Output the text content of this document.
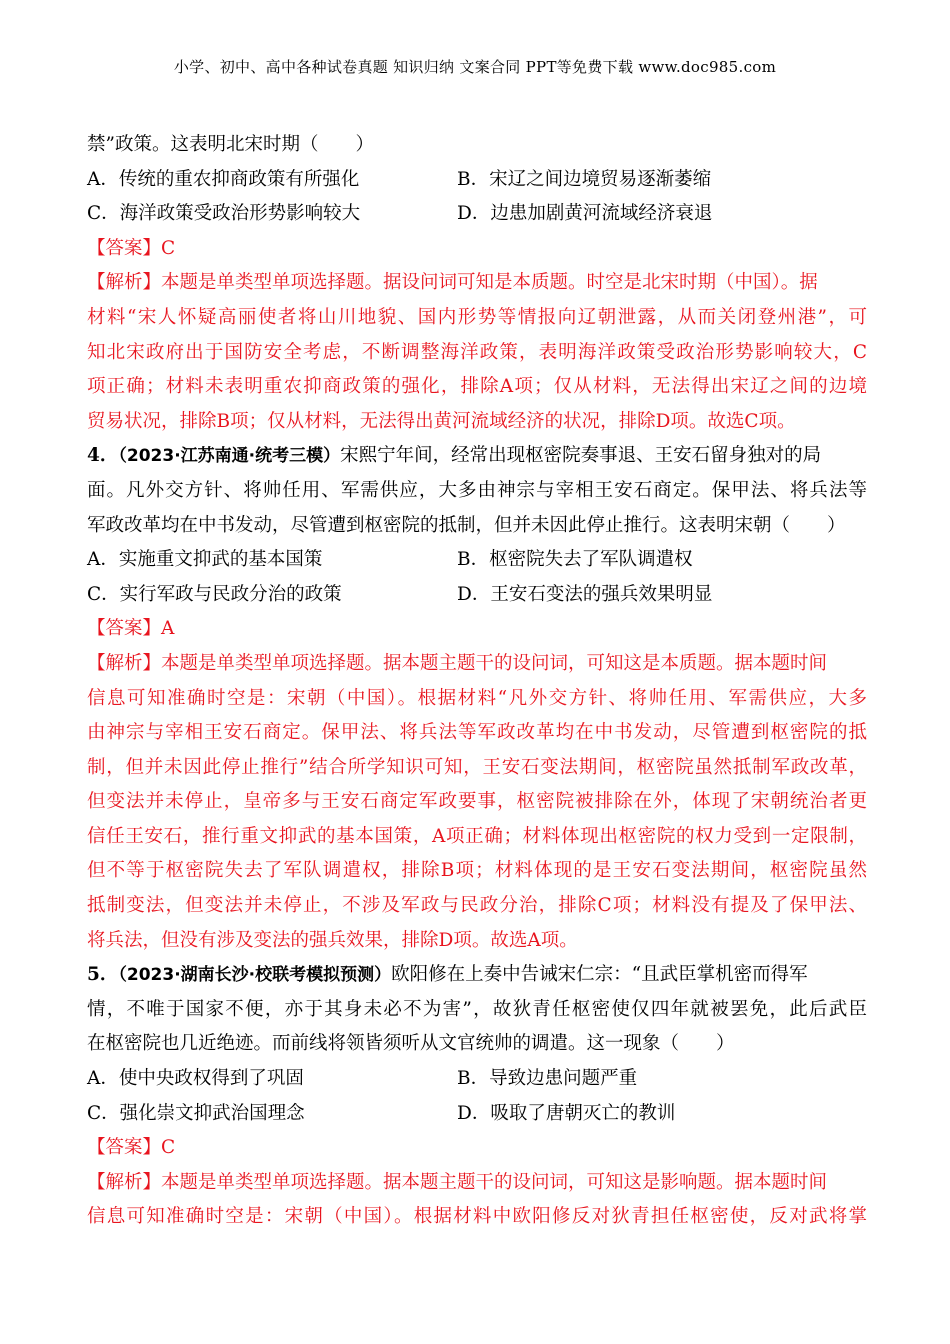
小学、初中、高中各种试卷真题 知识归纳 文案合同 PPT等免费下载 www.doc985.com
禁”政策。这表明北宋时期（　　）
A．传统的重农抑商政策有所强化	B．宋辽之间边境贸易逐渐萎缩
C．海洋政策受政治形势影响较大	D．边患加剧黄河流域经济衰退
【答案】C
【解析】本题是单类型单项选择题。据设问词可知是本质题。时空是北宋时期（中国）。据
材料“宋人怀疑高丽使者将山川地貌、国内形势等情报向辽朝泄露，从而关闭登州港”，可
知北宋政府出于国防安全考虑，不断调整海洋政策，表明海洋政策受政治形势影响较大，C
项正确；材料未表明重农抑商政策的强化，排除A项；仅从材料，无法得出宋辽之间的边境
贸易状况，排除B项；仅从材料，无法得出黄河流域经济的状况，排除D项。故选C项。
4．（2023·江苏南通·统考三模）宋熙宁年间，经常出现枢密院奏事退、王安石留身独对的局
面。凡外交方针、将帅任用、军需供应，大多由神宗与宰相王安石商定。保甲法、将兵法等
军政改革均在中书发动，尽管遭到枢密院的抵制，但并未因此停止推行。这表明宋朝（　　）
A．实施重文抑武的基本国策	B．枢密院失去了军队调遣权
C．实行军政与民政分治的政策	D．王安石变法的强兵效果明显
【答案】A
【解析】本题是单类型单项选择题。据本题主题干的设问词，可知这是本质题。据本题时间
信息可知准确时空是：宋朝（中国）。根据材料“凡外交方针、将帅任用、军需供应，大多
由神宗与宰相王安石商定。保甲法、将兵法等军政改革均在中书发动，尽管遭到枢密院的抵
制，但并未因此停止推行”结合所学知识可知，王安石变法期间，枢密院虽然抵制军政改革，
但变法并未停止，皇帝多与王安石商定军政要事，枢密院被排除在外，体现了宋朝统治者更
信任王安石，推行重文抑武的基本国策，A项正确；材料体现出枢密院的权力受到一定限制，
但不等于枢密院失去了军队调遣权，排除B项；材料体现的是王安石变法期间，枢密院虽然
抵制变法，但变法并未停止，不涉及军政与民政分治，排除C项；材料没有提及了保甲法、
将兵法，但没有涉及变法的强兵效果，排除D项。故选A项。
5．（2023·湖南长沙·校联考模拟预测）欧阳修在上奏中告诫宋仁宗：“且武臣掌机密而得军
情，不唯于国家不便，亦于其身未必不为害”，故狄青任枢密使仅四年就被罢免，此后武臣
在枢密院也几近绝迹。而前线将领皆须听从文官统帅的调遣。这一现象（　　）
A．使中央政权得到了巩固	B．导致边患问题严重
C．强化崇文抑武治国理念	D．吸取了唐朝灭亡的教训
【答案】C
【解析】本题是单类型单项选择题。据本题主题干的设问词，可知这是影响题。据本题时间
信息可知准确时空是：宋朝（中国）。根据材料中欧阳修反对狄青担任枢密使，反对武将掌
